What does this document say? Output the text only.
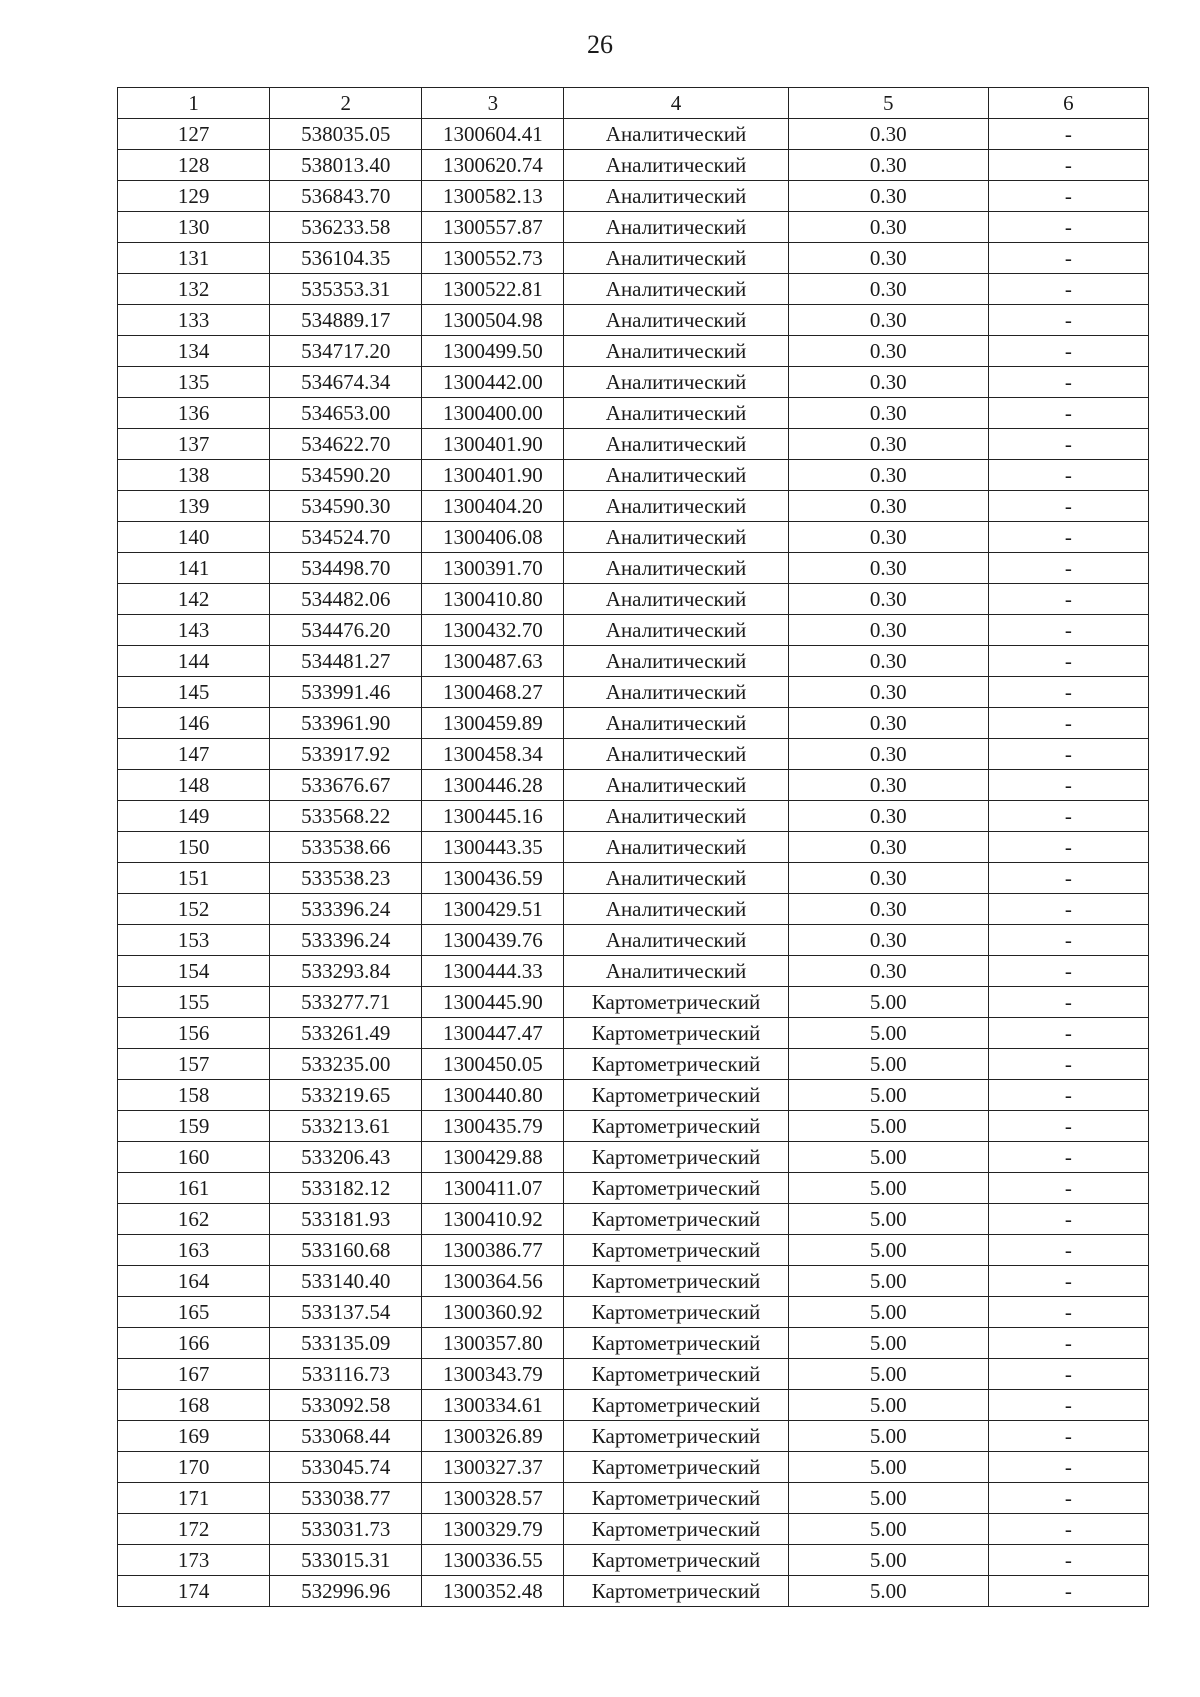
26
1	2	3	4	5	6
127	538035.05	1300604.41	Аналитический	0.30	-
128	538013.40	1300620.74	Аналитический	0.30	-
129	536843.70	1300582.13	Аналитический	0.30	-
130	536233.58	1300557.87	Аналитический	0.30	-
131	536104.35	1300552.73	Аналитический	0.30	-
132	535353.31	1300522.81	Аналитический	0.30	-
133	534889.17	1300504.98	Аналитический	0.30	-
134	534717.20	1300499.50	Аналитический	0.30	-
135	534674.34	1300442.00	Аналитический	0.30	-
136	534653.00	1300400.00	Аналитический	0.30	-
137	534622.70	1300401.90	Аналитический	0.30	-
138	534590.20	1300401.90	Аналитический	0.30	-
139	534590.30	1300404.20	Аналитический	0.30	-
140	534524.70	1300406.08	Аналитический	0.30	-
141	534498.70	1300391.70	Аналитический	0.30	-
142	534482.06	1300410.80	Аналитический	0.30	-
143	534476.20	1300432.70	Аналитический	0.30	-
144	534481.27	1300487.63	Аналитический	0.30	-
145	533991.46	1300468.27	Аналитический	0.30	-
146	533961.90	1300459.89	Аналитический	0.30	-
147	533917.92	1300458.34	Аналитический	0.30	-
148	533676.67	1300446.28	Аналитический	0.30	-
149	533568.22	1300445.16	Аналитический	0.30	-
150	533538.66	1300443.35	Аналитический	0.30	-
151	533538.23	1300436.59	Аналитический	0.30	-
152	533396.24	1300429.51	Аналитический	0.30	-
153	533396.24	1300439.76	Аналитический	0.30	-
154	533293.84	1300444.33	Аналитический	0.30	-
155	533277.71	1300445.90	Картометрический	5.00	-
156	533261.49	1300447.47	Картометрический	5.00	-
157	533235.00	1300450.05	Картометрический	5.00	-
158	533219.65	1300440.80	Картометрический	5.00	-
159	533213.61	1300435.79	Картометрический	5.00	-
160	533206.43	1300429.88	Картометрический	5.00	-
161	533182.12	1300411.07	Картометрический	5.00	-
162	533181.93	1300410.92	Картометрический	5.00	-
163	533160.68	1300386.77	Картометрический	5.00	-
164	533140.40	1300364.56	Картометрический	5.00	-
165	533137.54	1300360.92	Картометрический	5.00	-
166	533135.09	1300357.80	Картометрический	5.00	-
167	533116.73	1300343.79	Картометрический	5.00	-
168	533092.58	1300334.61	Картометрический	5.00	-
169	533068.44	1300326.89	Картометрический	5.00	-
170	533045.74	1300327.37	Картометрический	5.00	-
171	533038.77	1300328.57	Картометрический	5.00	-
172	533031.73	1300329.79	Картометрический	5.00	-
173	533015.31	1300336.55	Картометрический	5.00	-
174	532996.96	1300352.48	Картометрический	5.00	-
